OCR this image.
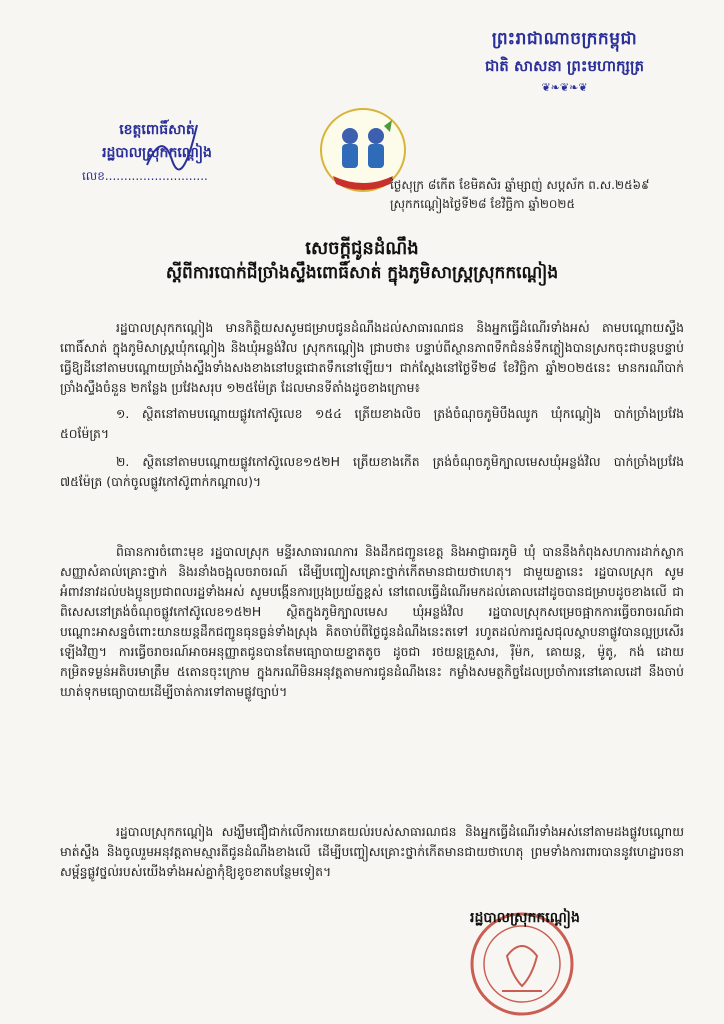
ព្រះរាជាណាចក្រកម្ពុជា
ជាតិ សាសនា ព្រះមហាក្សត្រ
❦❧❦❧❦
ខេត្តពោធិ៍សាត់
រដ្ឋបាលស្រុកកណ្ដៀង
លេខ...........................
ថ្ងៃសុក្រ ៨កើត ខែមិគសិរ ឆ្នាំម្សាញ់ សប្តស័ក ព.ស.២៥៦៩
ស្រុកកណ្ដៀងថ្ងៃទី២៨ ខែវិច្ឆិកា ឆ្នាំ២០២៥
សេចក្ដីជូនដំណឹង
ស្ដីពីការបោក់ជីច្រាំងស្ទឹងពោធិ៍សាត់ ក្នុងភូមិសាស្ត្រស្រុកកណ្ដៀង
រដ្ឋបាលស្រុកកណ្ដៀង មានកិត្តិយសសូមជម្រាបជូនដំណឹងដល់សាធារណជន និងអ្នកធ្វើដំណើរទាំងអស់ តាមបណ្ដោយស្ទឹងពោធិ៍សាត់ ក្នុងភូមិសាស្ត្រឃុំកណ្ដៀង និងឃុំអន្លង់វិល ស្រុកកណ្ដៀង ជ្រាបថា៖ បន្ទាប់ពីស្ថានភាពទឹកជំនន់ទឹកភ្លៀងបានស្រកចុះជាបន្តបន្ទាប់ ធ្វើឱ្យដីនៅតាមបណ្ដោយច្រាំងស្ទឹងទាំងសងខាងនៅបន្តជោតទឹកនៅឡើយ។ ជាក់ស្ដែងនៅថ្ងៃទី២៨ ខែវិច្ឆិកា ឆ្នាំ២០២៥នេះ មានករណីបាក់ច្រាំងស្ទឹងចំនួន ២កន្លែង ប្រវែងសរុប ១២៥ម៉ែត្រ ដែលមានទីតាំងដូចខាងក្រោម៖
១. ស្ថិតនៅតាមបណ្ដោយផ្លូវកៅស៊ូលេខ ១៥៤ ត្រើយខាងលិច ត្រង់ចំណុចភូមិបឹងឈូក ឃុំកណ្ដៀង បាក់ច្រាំងប្រវែង ៥០ម៉ែត្រ។
២. ស្ថិតនៅតាមបណ្ដោយផ្លូវកៅស៊ូលេខ១៥២H ត្រើយខាងកើត ត្រង់ចំណុចភូមិក្បាលមេសឃុំអន្លង់វិល បាក់ច្រាំងប្រវែង ៧៥ម៉ែត្រ (បាក់ចូលផ្លូវកៅស៊ូពាក់កណ្ដាល)។
ពិធានការចំពោះមុខ រដ្ឋបាលស្រុក មន្ទីរសាធារណការ និងដឹកជញ្ជូនខេត្ត និងអាជ្ញាធរភូមិ ឃុំ បាននឹងកំពុងសហការដាក់ស្លាកសញ្ញាសំគាល់គ្រោះថ្នាក់ និងរនាំងចង្អុលចរាចរណ៍ ដើម្បីបញ្ចៀសគ្រោះថ្នាក់កើតមានជាយថាហេតុ។ ជាមួយគ្នានេះ រដ្ឋបាលស្រុក សូមអំពាវនាវដល់បងប្អូនប្រជាពលរដ្ឋទាំងអស់ សូមបង្កើនការប្រុងប្រយ័ត្នខ្ពស់ នៅពេលធ្វើដំណើរមកដល់គោលដៅដូចបានជម្រាបដូចខាងលើ ជាពិសេសនៅត្រង់ចំណុចផ្លូវកៅស៊ូលេខ១៥២H ស្ថិតក្នុងភូមិក្បាលមេស ឃុំអន្លង់វិល រដ្ឋបាលស្រុកសម្រេចផ្អាកការធ្វើចរាចរណ៍ជាបណ្ដោះអាសន្នចំពោះយានយន្តដឹកជញ្ជូនធុនធ្ងន់ទាំងស្រុង គិតចាប់ពីថ្ងៃជូនដំណឹងនេះតទៅ រហូតដល់ការជួសជុលស្ថាបនាផ្លូវបានល្អប្រសើរឡើងវិញ។ ការធ្វើចរាចរណ៍អាចអនុញ្ញាតជូនបានតែមធ្យោបាយខ្នាតតូច ដូចជា រថយន្តគ្រួសារ, រ៉ឺម៉ក, គោយន្ត, ម៉ូតូ, កង់ ដោយកម្រិតទម្ងន់អតិបរមាត្រឹម ៥តោនចុះក្រោម ក្នុងករណីមិនអនុវត្តតាមការជូនដំណឹងនេះ កម្លាំងសមត្ថកិច្ចដែលប្រចាំការនៅគោលដៅ នឹងចាប់ឃាត់ទុកមធ្យោបាយដើម្បីចាត់ការទៅតាមផ្លូវច្បាប់។
រដ្ឋបាលស្រុកកណ្ដៀង សង្ឃឹមជឿជាក់លើការយោគយល់របស់សាធារណជន និងអ្នកធ្វើដំណើរទាំងអស់នៅតាមដងផ្លូវបណ្ដោយមាត់ស្ទឹង និងចូលរួមអនុវត្តតាមស្មារតីជូនដំណឹងខាងលើ ដើម្បីបញ្ចៀសគ្រោះថ្នាក់កើតមានជាយថាហេតុ ព្រមទាំងការពារបាននូវហេដ្ឋារចនាសម្ព័ន្ធផ្លូវថ្នល់របស់យើងទាំងអស់គ្នាកុំឱ្យខូចខាតបន្ថែមទៀត។
រដ្ឋបាលស្រុកកណ្ដៀង
